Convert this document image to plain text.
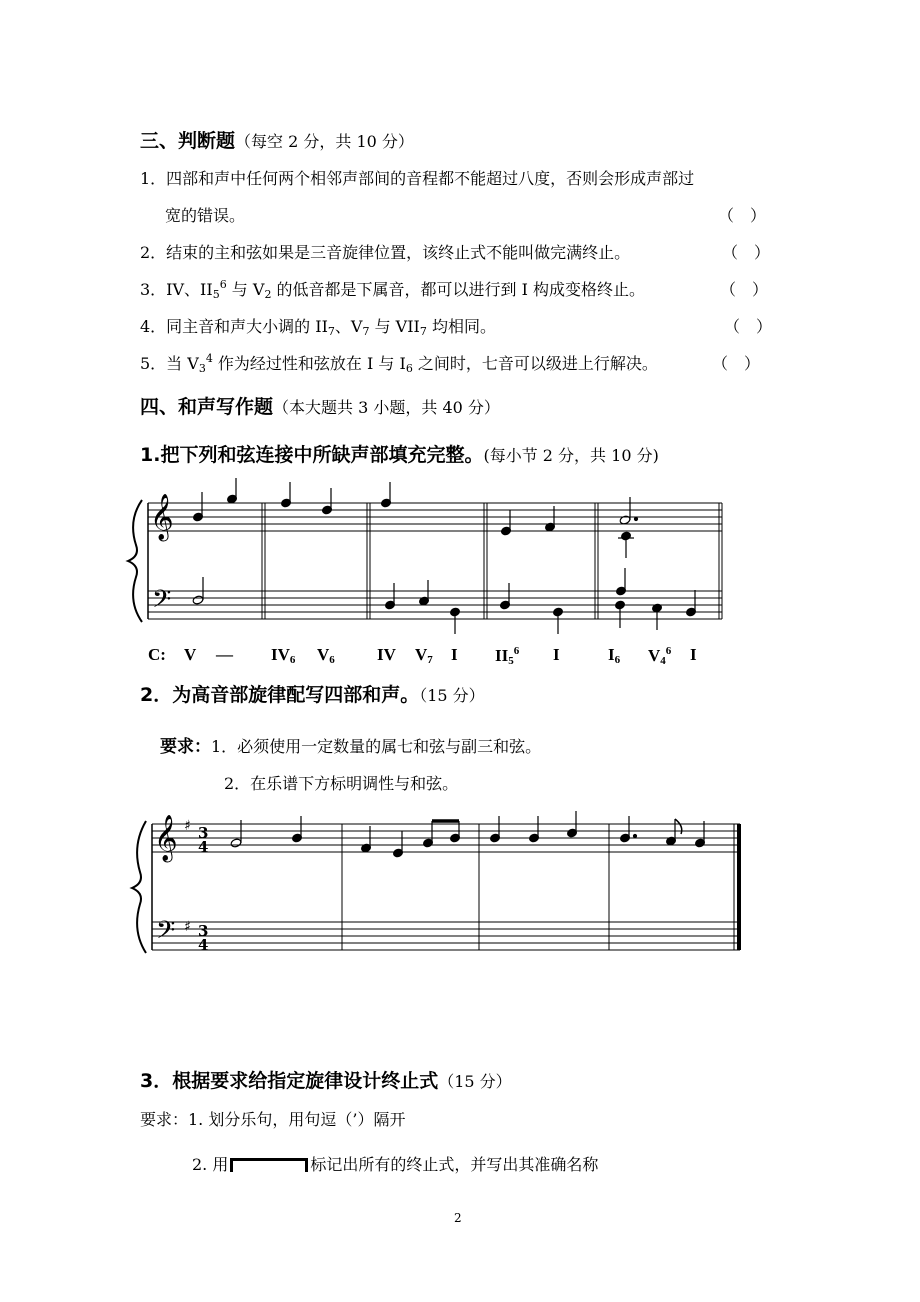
三、判断题（每空 2 分，共 10 分）
1．四部和声中任何两个相邻声部间的音程都不能超过八度，否则会形成声部过
宽的错误。	（　）
2．结束的主和弦如果是三音旋律位置，该终止式不能叫做完满终止。	（　）
3．IV、$II_5^6$ 与 $V_2$ 的低音都是下属音，都可以进行到 I 构成变格终止。	（　）
4．同主音和声大小调的 $II_7$、$V_7$ 与 $VII_7$ 均相同。	（　）
5．当 $V_3^4$ 作为经过性和弦放在 I 与 $I_6$ 之间时，七音可以级进上行解决。	（　）
四、和声写作题（本大题共 3 小题，共 40 分）
1.把下列和弦连接中所缺声部填充完整。(每小节 2 分，共 10 分)
𝄞
𝄢
C: V — $IV_6$ $V_6$ IV $V_7$ I $II_5^6$ I	$I_6$ $V_4^6$ I
2．为高音部旋律配写四部和声。（15 分）
要求：1．必须使用一定数量的属七和弦与副三和弦。
2．在乐谱下方标明调性与和弦。
𝄞
𝄢
♯
♯
3
4
3
4
3．根据要求给指定旋律设计终止式（15 分）
要求：1. 划分乐句，用句逗（’）隔开
2. 用	标记出所有的终止式，并写出其准确名称
2
